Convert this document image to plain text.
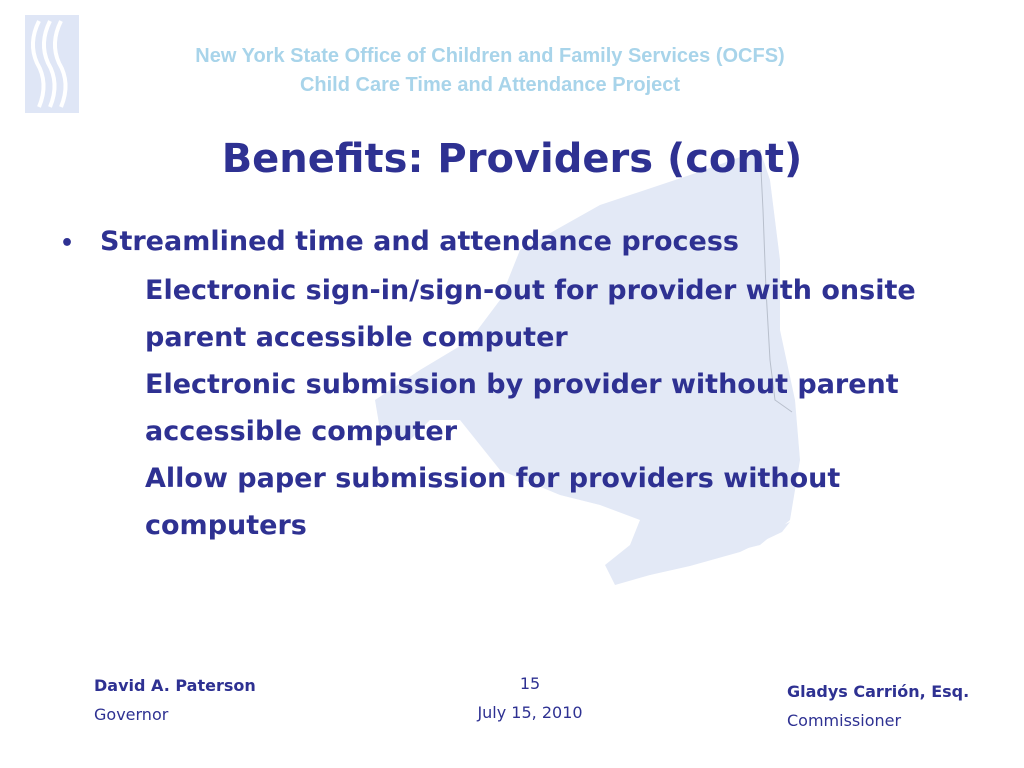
New York State Office of Children and Family Services (OCFS)
Child Care Time and Attendance Project
Benefits: Providers (cont)
• Streamlined time and attendance process
Electronic sign-in/sign-out for provider with onsite
parent accessible computer
Electronic submission by provider without parent
accessible computer
Allow paper submission for providers without
computers
David A. Paterson
Governor
15
July 15, 2010
Gladys Carrión, Esq.
Commissioner
